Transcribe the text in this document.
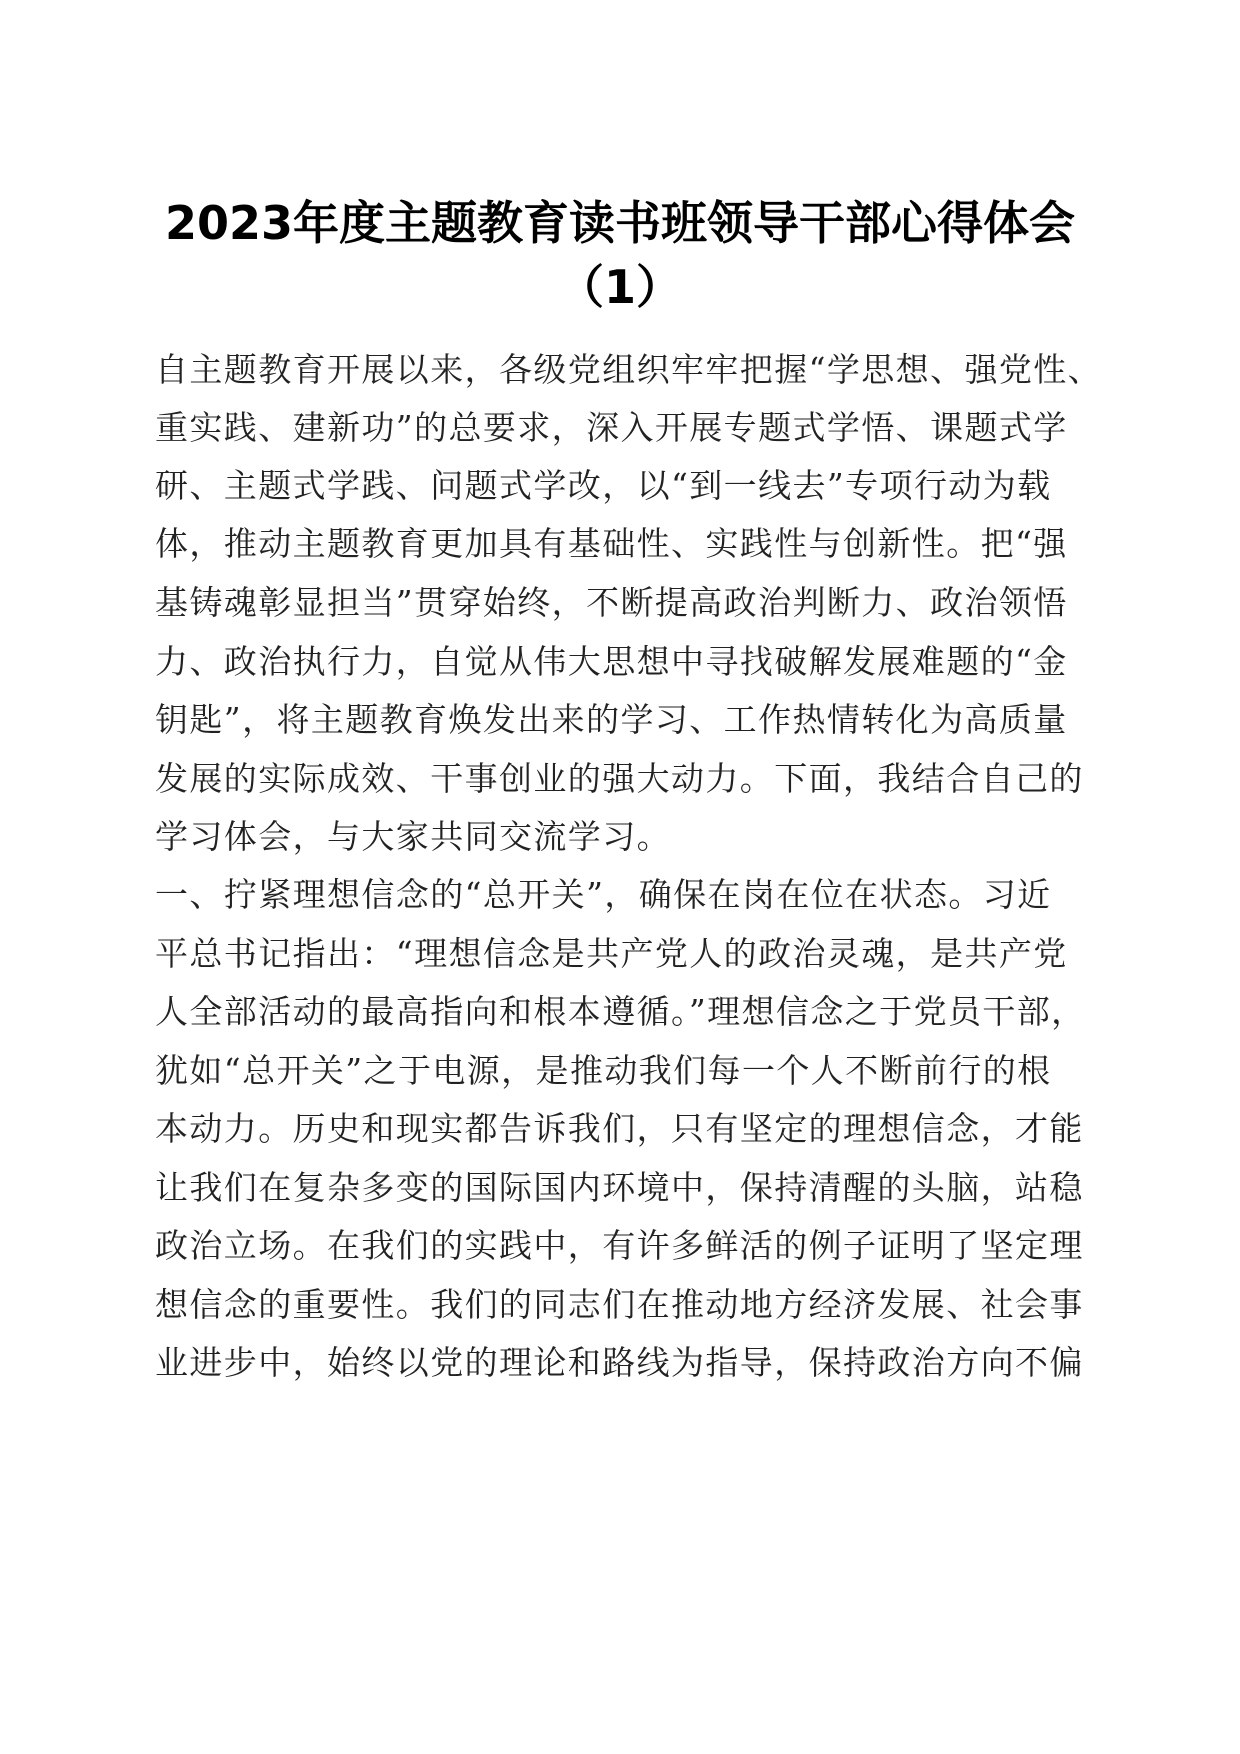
2023年度主题教育读书班领导干部心得体会
（1）
自主题教育开展以来，各级党组织牢牢把握“学思想、强党性、
重实践、建新功”的总要求，深入开展专题式学悟、课题式学
研、主题式学践、问题式学改，以“到一线去”专项行动为载
体，推动主题教育更加具有基础性、实践性与创新性。把“强
基铸魂彰显担当”贯穿始终，不断提高政治判断力、政治领悟
力、政治执行力，自觉从伟大思想中寻找破解发展难题的“金
钥匙”，将主题教育焕发出来的学习、工作热情转化为高质量
发展的实际成效、干事创业的强大动力。下面，我结合自己的
学习体会，与大家共同交流学习。
一、拧紧理想信念的“总开关”，确保在岗在位在状态。习近
平总书记指出：“理想信念是共产党人的政治灵魂，是共产党
人全部活动的最高指向和根本遵循。”理想信念之于党员干部，
犹如“总开关”之于电源，是推动我们每一个人不断前行的根
本动力。历史和现实都告诉我们，只有坚定的理想信念，才能
让我们在复杂多变的国际国内环境中，保持清醒的头脑，站稳
政治立场。在我们的实践中，有许多鲜活的例子证明了坚定理
想信念的重要性。我们的同志们在推动地方经济发展、社会事
业进步中，始终以党的理论和路线为指导，保持政治方向不偏
